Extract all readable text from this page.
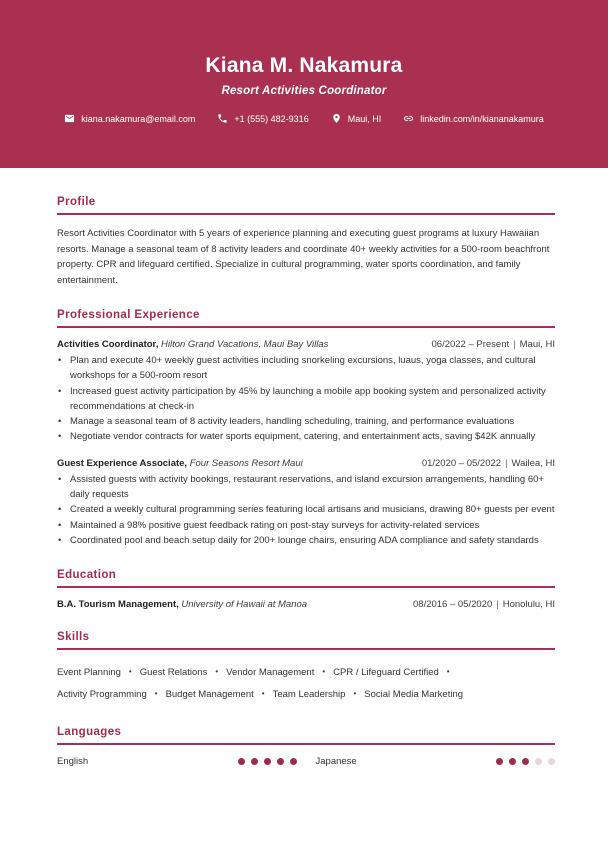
Kiana M. Nakamura
Resort Activities Coordinator
kiana.nakamura@email.com	+1 (555) 482-9316	Maui, HI	linkedin.com/in/kiananakamura
Profile

Resort Activities Coordinator with 5 years of experience planning and executing guest programs at luxury Hawaiian resorts. Manage a seasonal team of 8 activity leaders and coordinate 40+ weekly activities for a 500-room beachfront property. CPR and lifeguard certified. Specialize in cultural programming, water sports coordination, and family entertainment.

Professional Experience
Activities Coordinator, Hilton Grand Vacations, Maui Bay Villas	06/2022 – Present | Maui, HI
• Plan and execute 40+ weekly guest activities including snorkeling excursions, luaus, yoga classes, and cultural workshops for a 500-room resort
• Increased guest activity participation by 45% by launching a mobile app booking system and personalized activity recommendations at check-in
• Manage a seasonal team of 8 activity leaders, handling scheduling, training, and performance evaluations
• Negotiate vendor contracts for water sports equipment, catering, and entertainment acts, saving $42K annually
Guest Experience Associate, Four Seasons Resort Maui	01/2020 – 05/2022 | Wailea, HI
• Assisted guests with activity bookings, restaurant reservations, and island excursion arrangements, handling 60+ daily requests
• Created a weekly cultural programming series featuring local artisans and musicians, drawing 80+ guests per event
• Maintained a 98% positive guest feedback rating on post-stay surveys for activity-related services
• Coordinated pool and beach setup daily for 200+ lounge chairs, ensuring ADA compliance and safety standards
Education
B.A. Tourism Management, University of Hawaii at Manoa	08/2016 – 05/2020 | Honolulu, HI
Skills
Event Planning • Guest Relations • Vendor Management • CPR / Lifeguard Certified •
Activity Programming • Budget Management • Team Leadership • Social Media Marketing
Languages
English	Japanese
